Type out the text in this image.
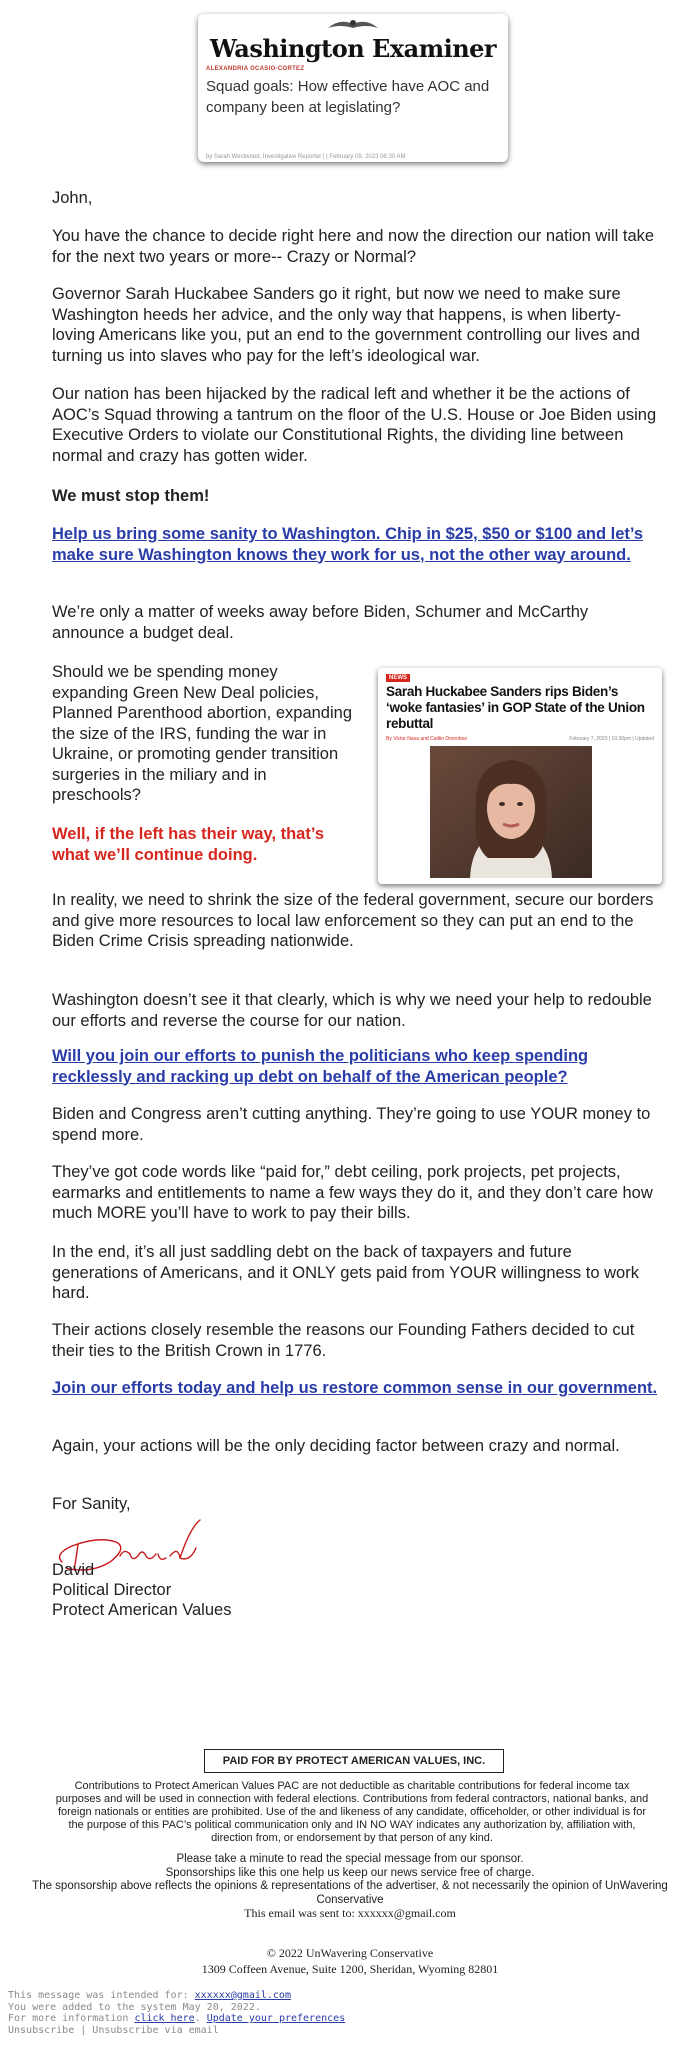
Washington Examiner
ALEXANDRIA OCASIO-CORTEZ
Squad goals: How effective have AOC and company been at legislating?
by Sarah Westwood, Investigative Reporter | | February 09, 2023 06:30 AM

John,

You have the chance to decide right here and now the direction our nation will take for the next two years or more-- Crazy or Normal?

Governor Sarah Huckabee Sanders go it right, but now we need to make sure Washington heeds her advice, and the only way that happens, is when liberty-loving Americans like you, put an end to the government controlling our lives and turning us into slaves who pay for the left’s ideological war.

Our nation has been hijacked by the radical left and whether it be the actions of AOC’s Squad throwing a tantrum on the floor of the U.S. House or Joe Biden using Executive Orders to violate our Constitutional Rights, the dividing line between normal and crazy has gotten wider.

We must stop them!

Help us bring some sanity to Washington. Chip in $25, $50 or $100 and let’s make sure Washington knows they work for us, not the other way around.

We’re only a matter of weeks away before Biden, Schumer and McCarthy announce a budget deal.

Should we be spending money expanding Green New Deal policies, Planned Parenthood abortion, expanding the size of the IRS, funding the war in Ukraine, or promoting gender transition surgeries in the miliary and in preschools?

Well, if the left has their way, that’s what we’ll continue doing.

NEWS
Sarah Huckabee Sanders rips Biden’s ‘woke fantasies’ in GOP State of the Union rebuttal
By Victor Nava and Caitlin Doornbos	February 7, 2023 | 10:30pm | Updated

In reality, we need to shrink the size of the federal government, secure our borders and give more resources to local law enforcement so they can put an end to the Biden Crime Crisis spreading nationwide.

Washington doesn’t see it that clearly, which is why we need your help to redouble our efforts and reverse the course for our nation.

Will you join our efforts to punish the politicians who keep spending recklessly and racking up debt on behalf of the American people?

Biden and Congress aren’t cutting anything. They’re going to use YOUR money to spend more.

They’ve got code words like “paid for,” debt ceiling, pork projects, pet projects, earmarks and entitlements to name a few ways they do it, and they don’t care how much MORE you’ll have to work to pay their bills.

In the end, it’s all just saddling debt on the back of taxpayers and future generations of Americans, and it ONLY gets paid from YOUR willingness to work hard.

Their actions closely resemble the reasons our Founding Fathers decided to cut their ties to the British Crown in 1776.

Join our efforts today and help us restore common sense in our government.

Again, your actions will be the only deciding factor between crazy and normal.

For Sanity,

David

Political Director

Protect American Values

PAID FOR BY PROTECT AMERICAN VALUES, INC.
Contributions to Protect American Values PAC are not deductible as charitable contributions for federal income tax purposes and will be used in connection with federal elections. Contributions from federal contractors, national banks, and foreign nationals or entities are prohibited. Use of the and likeness of any candidate, officeholder, or other individual is for the purpose of this PAC’s political communication only and IN NO WAY indicates any authorization by, affiliation with, direction from, or endorsement by that person of any kind.
Please take a minute to read the special message from our sponsor.
Sponsorships like this one help us keep our news service free of charge.
The sponsorship above reflects the opinions & representations of the advertiser, & not necessarily the opinion of UnWavering Conservative
This email was sent to: xxxxxx@gmail.com
© 2022 UnWavering Conservative
1309 Coffeen Avenue, Suite 1200, Sheridan, Wyoming 82801
This message was intended for: xxxxxx@gmail.com
You were added to the system May 20, 2022.
For more information click here. Update your preferences
Unsubscribe | Unsubscribe via email
